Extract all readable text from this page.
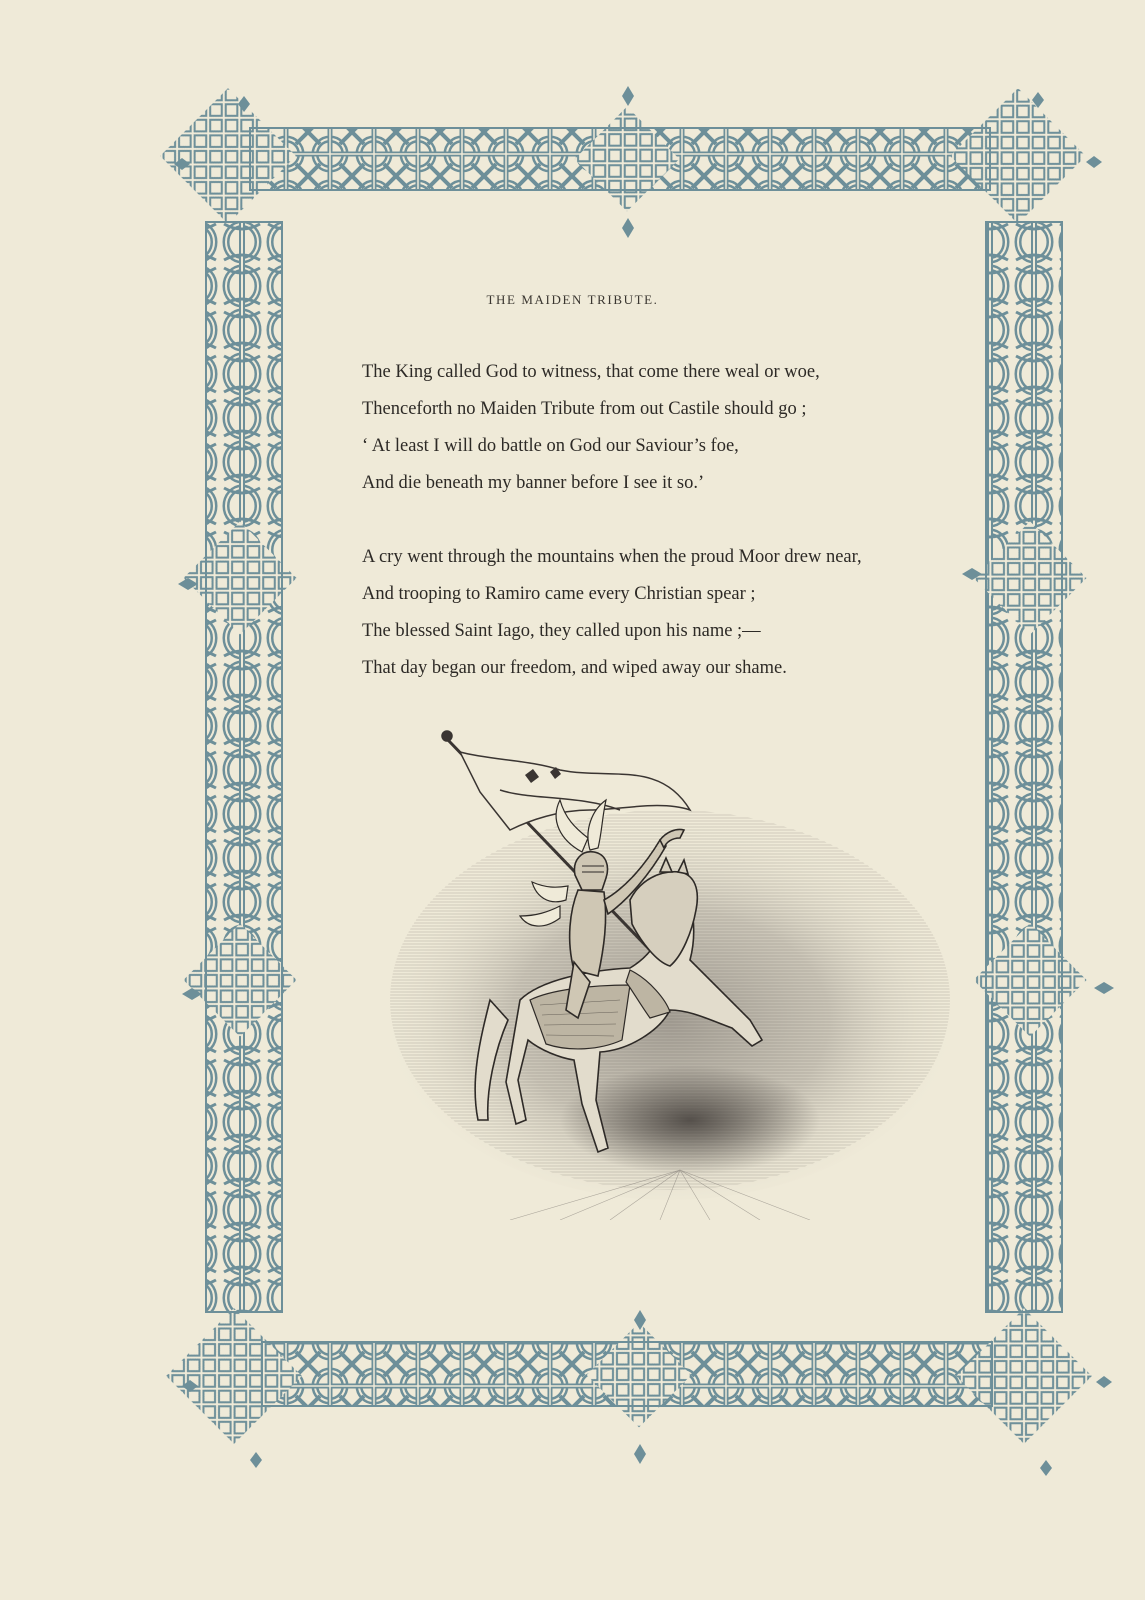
THE MAIDEN TRIBUTE.
The King called God to witness, that come there weal or woe,
Thenceforth no Maiden Tribute from out Castile should go ;
‘ At least I will do battle on God our Saviour’s foe,
And die beneath my banner before I see it so.’
A cry went through the mountains when the proud Moor drew near,
And trooping to Ramiro came every Christian spear ;
The blessed Saint Iago, they called upon his name ;—
That day began our freedom, and wiped away our shame.
